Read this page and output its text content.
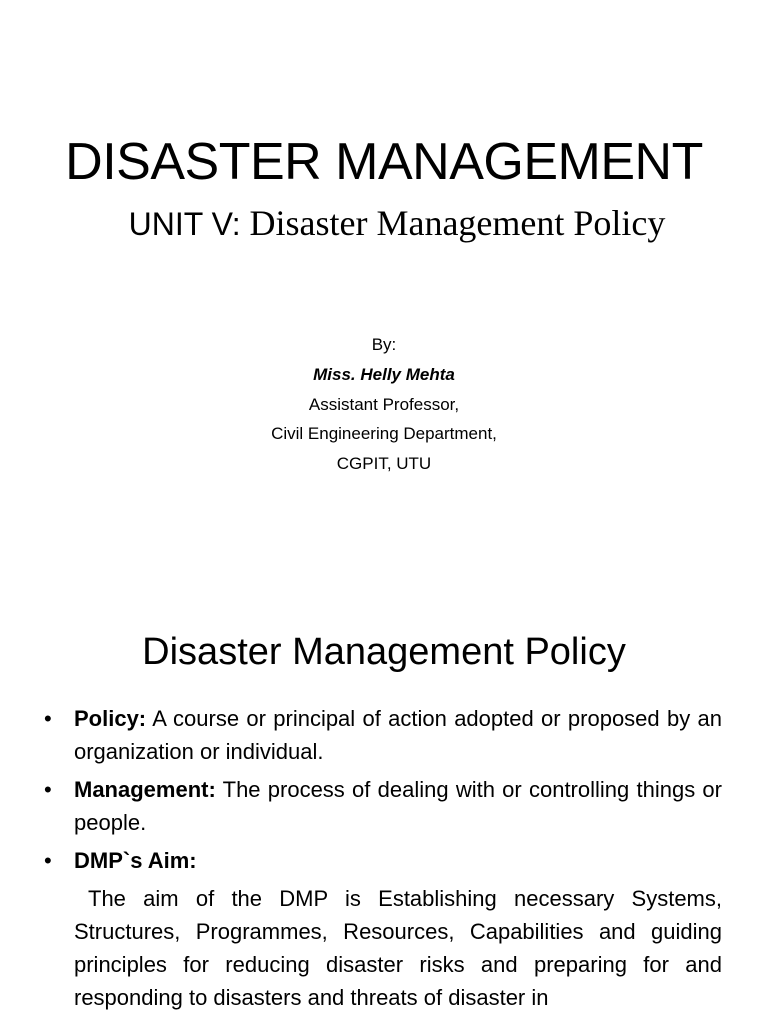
DISASTER MANAGEMENT
UNIT V: Disaster Management Policy
By:
Miss. Helly Mehta
Assistant Professor,
Civil Engineering Department,
CGPIT, UTU
Disaster Management Policy
• Policy: A course or principal of action adopted or proposed by an organization or individual.
• Management: The process of dealing with or controlling things or people.
• DMP`s Aim:
The aim of the DMP is Establishing necessary Systems, Structures, Programmes, Resources, Capabilities and guiding principles for reducing disaster risks and preparing for and responding to disasters and threats of disaster in
